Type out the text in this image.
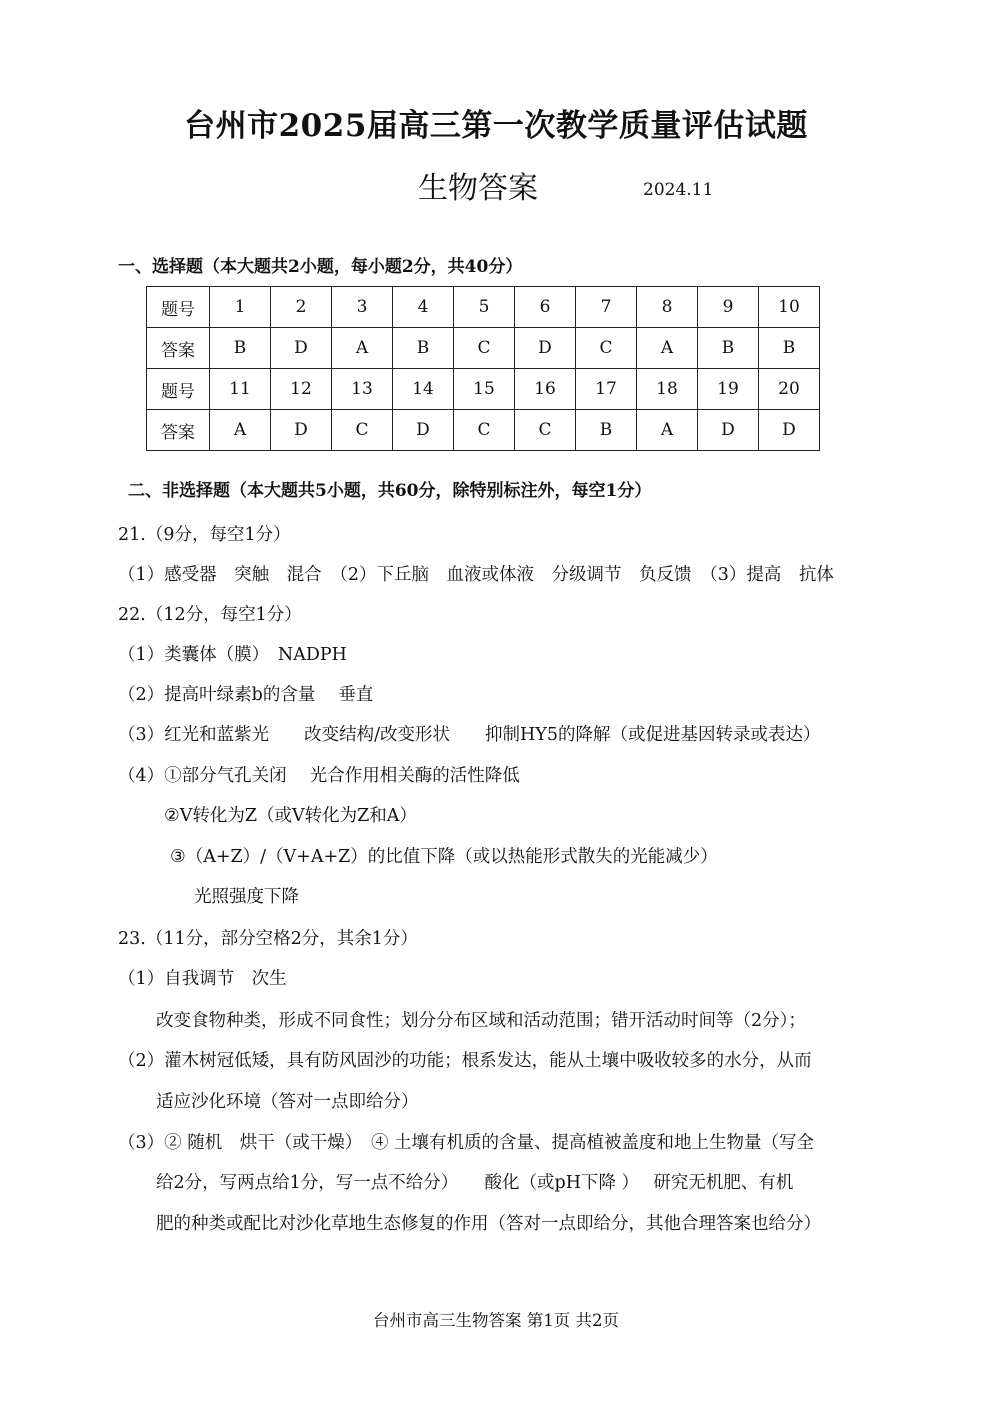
台州市2025届高三第一次教学质量评估试题
生物答案	2024.11
一、选择题（本大题共2小题，每小题2分，共40分）
题号	1	2	3	4	5	6	7	8	9	10
答案	B	D	A	B	C	D	C	A	B	B
题号	11	12	13	14	15	16	17	18	19	20
答案	A	D	C	D	C	C	B	A	D	D
二、非选择题（本大题共5小题，共60分，除特别标注外，每空1分）
21.（9分，每空1分）
（1）感受器　突触　混合　（2）下丘脑　血液或体液　分级调节　负反馈　（3）提高　抗体
22.（12分，每空1分）
（1）类囊体（膜）　NADPH
（2）提高叶绿素b的含量　 垂直
（3）红光和蓝紫光　　改变结构/改变形状　　抑制HY5的降解（或促进基因转录或表达）
（4）①部分气孔关闭　 光合作用相关酶的活性降低
②V转化为Z（或V转化为Z和A）
③（A+Z）/（V+A+Z）的比值下降（或以热能形式散失的光能减少）
光照强度下降
23.（11分，部分空格2分，其余1分）
（1）自我调节　次生
改变食物种类，形成不同食性；划分分布区域和活动范围；错开活动时间等（2分）；
（2）灌木树冠低矮，具有防风固沙的功能；根系发达，能从土壤中吸收较多的水分，从而
适应沙化环境（答对一点即给分）
（3）② 随机　烘干（或干燥）　④ 土壤有机质的含量、提高植被盖度和地上生物量（写全
给2分，写两点给1分，写一点不给分）　　酸化（或pH下降 ）　 研究无机肥、有机
肥的种类或配比对沙化草地生态修复的作用（答对一点即给分，其他合理答案也给分）
台州市高三生物答案 第1页 共2页
